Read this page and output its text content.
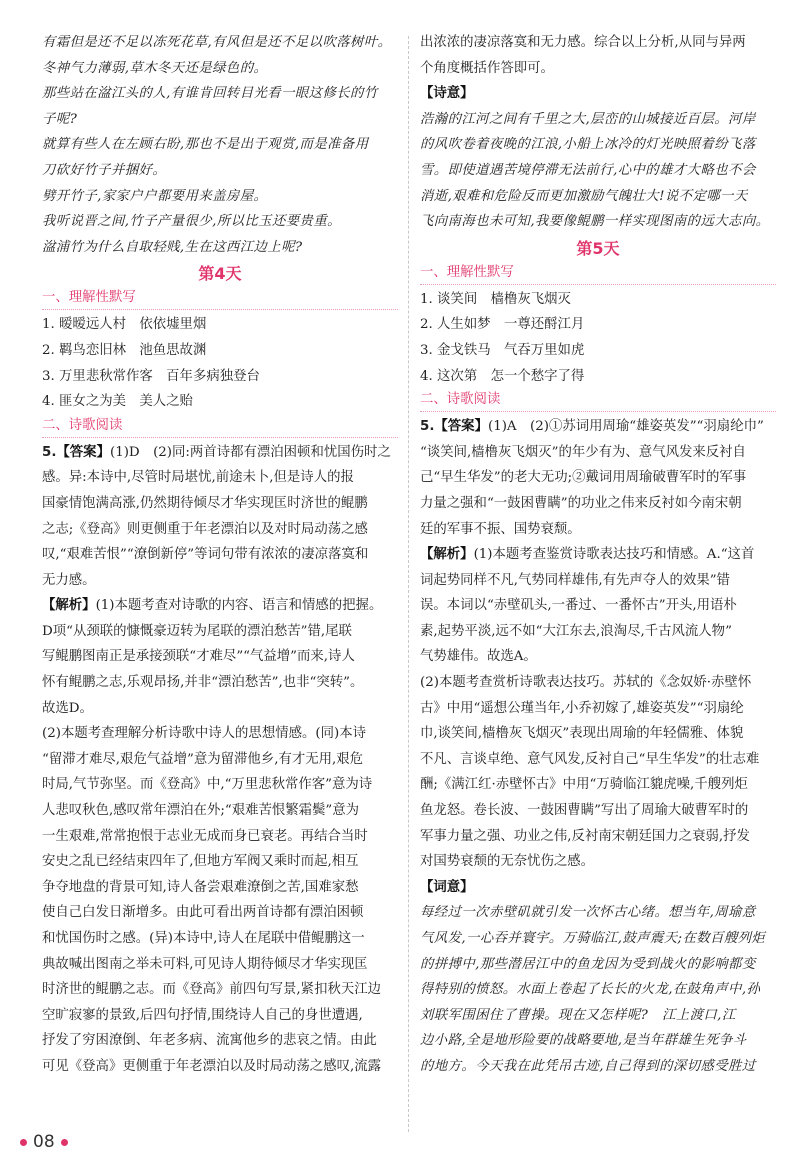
有霜但是还不足以冻死花草,有风但是还不足以吹落树叶。
冬神气力薄弱,草木冬天还是绿色的。
那些站在湓江头的人,有谁肯回转目光看一眼这修长的竹
子呢?
就算有些人在左顾右盼,那也不是出于观赏,而是准备用
刀砍好竹子并捆好。
劈开竹子,家家户户都要用来盖房屋。
我听说晋之间,竹子产量很少,所以比玉还要贵重。
湓浦竹为什么自取轻贱,生在这西江边上呢?
第4天
一、理解性默写
1. 暧暧远人村　依依墟里烟
2. 羁鸟恋旧林　池鱼思故渊
3. 万里悲秋常作客　百年多病独登台
4. 匪女之为美　美人之贻
二、诗歌阅读
5.【答案】(1)D　(2)同:两首诗都有漂泊困顿和忧国伤时之
感。异:本诗中,尽管时局堪忧,前途未卜,但是诗人的报
国豪情饱满高涨,仍然期待倾尽才华实现匡时济世的鲲鹏
之志;《登高》则更侧重于年老漂泊以及对时局动荡之感
叹,“艰难苦恨”“潦倒新停”等词句带有浓浓的凄凉落寞和
无力感。
【解析】(1)本题考查对诗歌的内容、语言和情感的把握。
D项“从颈联的慷慨豪迈转为尾联的漂泊愁苦”错,尾联
写鲲鹏图南正是承接颈联“才难尽”“气益增”而来,诗人
怀有鲲鹏之志,乐观昂扬,并非“漂泊愁苦”,也非“突转”。
故选D。
(2)本题考查理解分析诗歌中诗人的思想情感。(同)本诗
“留滞才难尽,艰危气益增”意为留滞他乡,有才无用,艰危
时局,气节弥坚。而《登高》中,“万里悲秋常作客”意为诗
人悲叹秋色,感叹常年漂泊在外;“艰难苦恨繁霜鬓”意为
一生艰难,常常抱恨于志业无成而身已衰老。再结合当时
安史之乱已经结束四年了,但地方军阀又乘时而起,相互
争夺地盘的背景可知,诗人备尝艰难潦倒之苦,国难家愁
使自己白发日渐增多。由此可看出两首诗都有漂泊困顿
和忧国伤时之感。(异)本诗中,诗人在尾联中借鲲鹏这一
典故喊出图南之举未可料,可见诗人期待倾尽才华实现匡
时济世的鲲鹏之志。而《登高》前四句写景,紧扣秋天江边
空旷寂寥的景致,后四句抒情,围绕诗人自己的身世遭遇,
抒发了穷困潦倒、年老多病、流寓他乡的悲哀之情。由此
可见《登高》更侧重于年老漂泊以及时局动荡之感叹,流露
出浓浓的凄凉落寞和无力感。综合以上分析,从同与异两
个角度概括作答即可。
【诗意】
浩瀚的江河之间有千里之大,层峦的山城接近百层。河岸
的风吹卷着夜晚的江浪,小船上冰冷的灯光映照着纷飞落
雪。即使道遇苦境停滞无法前行,心中的雄才大略也不会
消逝,艰难和危险反而更加激励气魄壮大!说不定哪一天
飞向南海也未可知,我要像鲲鹏一样实现图南的远大志向。
第5天
一、理解性默写
1. 谈笑间　樯橹灰飞烟灭
2. 人生如梦　一尊还酹江月
3. 金戈铁马　气吞万里如虎
4. 这次第　怎一个愁字了得
二、诗歌阅读
5.【答案】(1)A　(2)①苏词用周瑜“雄姿英发”“羽扇纶巾”
“谈笑间,樯橹灰飞烟灭”的年少有为、意气风发来反衬自
己“早生华发”的老大无功;②戴词用周瑜破曹军时的军事
力量之强和“一鼓困曹瞒”的功业之伟来反衬如今南宋朝
廷的军事不振、国势衰颓。
【解析】(1)本题考查鉴赏诗歌表达技巧和情感。A.“这首
词起势同样不凡,气势同样雄伟,有先声夺人的效果”错
误。本词以“赤壁矶头,一番过、一番怀古”开头,用语朴
素,起势平淡,远不如“大江东去,浪淘尽,千古风流人物”
气势雄伟。故选A。
(2)本题考查赏析诗歌表达技巧。苏轼的《念奴娇·赤壁怀
古》中用“遥想公瑾当年,小乔初嫁了,雄姿英发”“羽扇纶
巾,谈笑间,樯橹灰飞烟灭”表现出周瑜的年轻儒雅、体貌
不凡、言谈卓绝、意气风发,反衬自己“早生华发”的壮志难
酬;《满江红·赤壁怀古》中用“万骑临江貔虎噪,千艘列炬
鱼龙怒。卷长波、一鼓困曹瞒”写出了周瑜大破曹军时的
军事力量之强、功业之伟,反衬南宋朝廷国力之衰弱,抒发
对国势衰颓的无奈忧伤之感。
【词意】
每经过一次赤壁矶就引发一次怀古心绪。想当年,周瑜意
气风发,一心吞并寰宇。万骑临江,鼓声震天;在数百艘列炬
的拼搏中,那些潜居江中的鱼龙因为受到战火的影响都变
得特别的愤怒。水面上卷起了长长的火龙,在鼓角声中,孙
刘联军围困住了曹操。现在又怎样呢?　江上渡口,江
边小路,全是地形险要的战略要地,是当年群雄生死争斗
的地方。今天我在此凭吊古迹,自己得到的深切感受胜过
08
